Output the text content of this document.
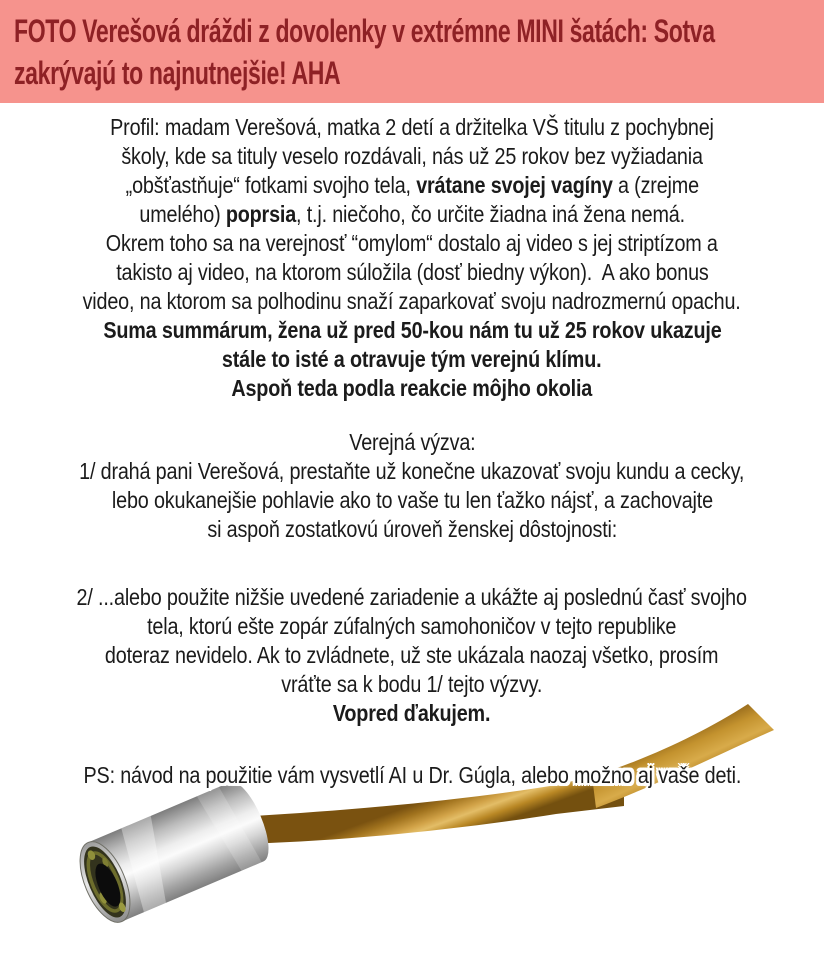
FOTO Verešová dráždi z dovolenky v extrémne MINI šatách: Sotva
zakrývajú to najnutnejšie! AHA
Profil: madam Verešová, matka 2 detí a držitelka VŠ titulu z pochybnej
školy, kde sa tituly veselo rozdávali, nás už 25 rokov bez vyžiadania
„obšťastňuje“ fotkami svojho tela, vrátane svojej vagíny a (zrejme
umelého) poprsia, t.j. niečoho, čo určite žiadna iná žena nemá.
Okrem toho sa na verejnosť “omylom“ dostalo aj video s jej striptízom a
takisto aj video, na ktorom súložila (dosť biedny výkon).  A ako bonus
video, na ktorom sa polhodinu snaží zaparkovať svoju nadrozmernú opachu.
Suma summárum, žena už pred 50-kou nám tu už 25 rokov ukazuje
stále to isté a otravuje tým verejnú klímu.
Aspoň teda podla reakcie môjho okolia
Verejná výzva:
1/ drahá pani Verešová, prestaňte už konečne ukazovať svoju kundu a cecky,
lebo okukanejšie pohlavie ako to vaše tu len ťažko nájsť, a zachovajte
si aspoň zostatkovú úroveň ženskej dôstojnosti:
2/ ...alebo použite nižšie uvedené zariadenie a ukážte aj poslednú časť svojho
tela, ktorú ešte zopár zúfalných samohoničov v tejto republike
doteraz nevidelo. Ak to zvládnete, už ste ukázala naozaj všetko, prosím
vráťte sa k bodu 1/ tejto výzvy.
Vopred ďakujem.
PS: návod na použitie vám vysvetlí AI u Dr. Gúgla, alebo možno aj vaše deti.
